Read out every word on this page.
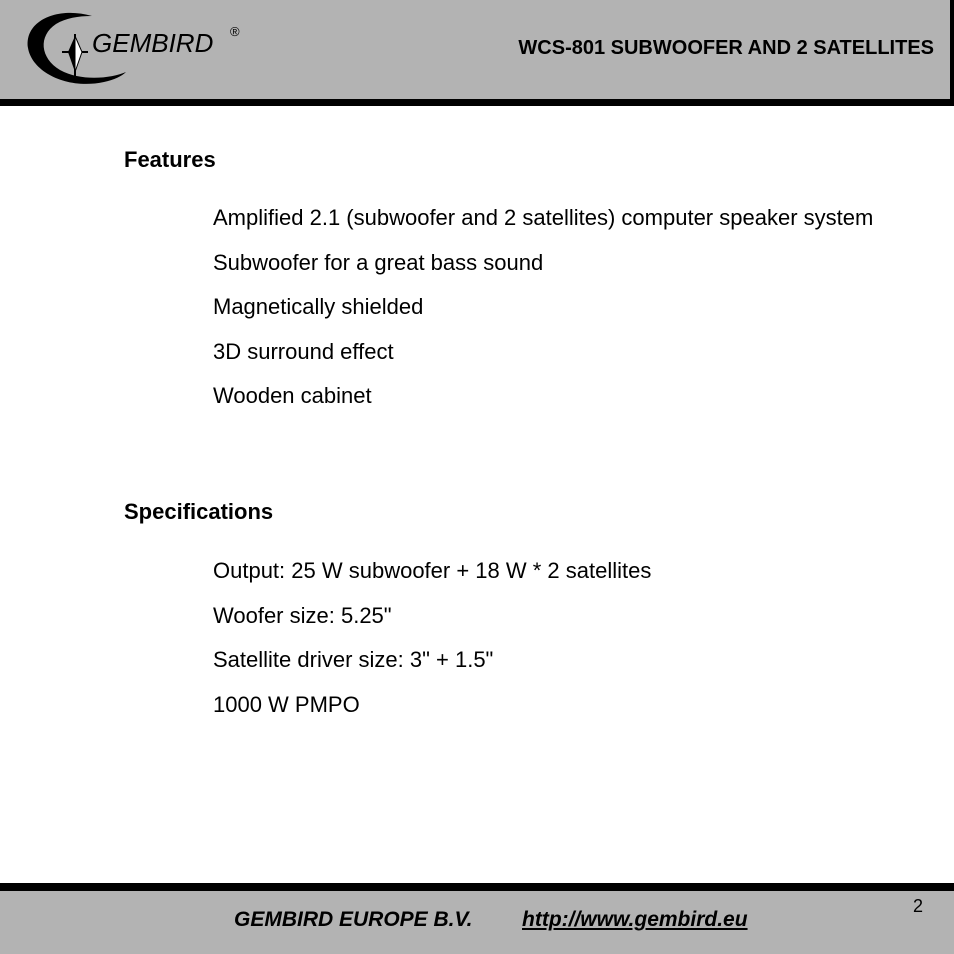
GEMBIRD ®
WCS-801 SUBWOOFER AND 2 SATELLITES
Features
Amplified 2.1 (subwoofer and 2 satellites) computer speaker system
Subwoofer for a great bass sound
Magnetically shielded
3D surround effect
Wooden cabinet
Specifications
Output: 25 W subwoofer + 18 W * 2 satellites
Woofer size: 5.25"
Satellite driver size: 3" + 1.5"
1000 W PMPO
GEMBIRD EUROPE B.V. http://www.gembird.eu
2
